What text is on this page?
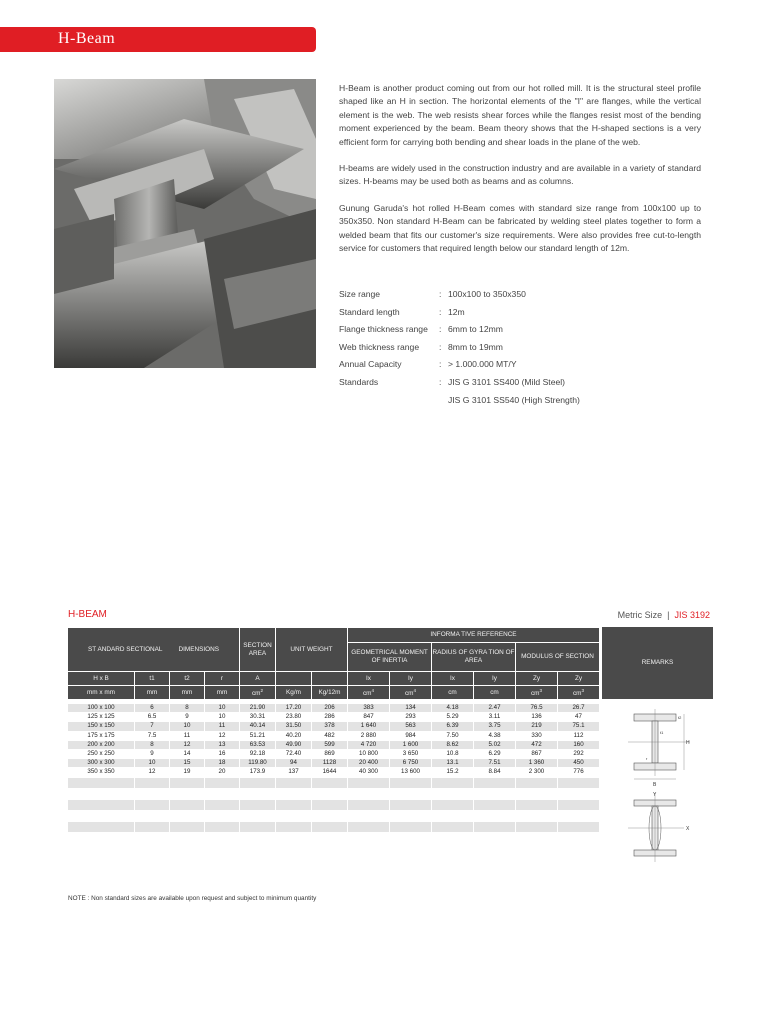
H-Beam

H-Beam is another product coming out from our hot rolled mill. It is the structural steel profile shaped like an H in section. The horizontal elements of the "I" are flanges, while the vertical element is the web. The web resists shear forces while the flanges resist most of the bending moment experienced by the beam. Beam theory shows that the H-shaped sections is a very efficient form for carrying both bending and shear loads in the plane of the web.

H-beams are widely used in the construction industry and are available in a variety of standard sizes. H-beams may be used both as beams and as columns.

Gunung Garuda's hot rolled H-Beam comes with standard size range from 100x100 up to 350x350. Non standard H-Beam can be fabricated by welding steel plates together to form a welded beam that fits our customer's size requirements. Were also provides free cut-to-length service for customers that required length below our standard length of 12m.

Size range	: 100x100 to 350x350
Standard length	: 12m
Flange thickness range	: 6mm to 12mm
Web thickness range	: 8mm to 19mm
Annual Capacity	: > 1.000.000 MT/Y
Standards	: JIS G 3101 SS400 (Mild Steel)
JIS G 3101 SS540 (High Strength)
H-BEAM	Metric Size | JIS 3192
ST ANDARD SECTIONAL DIMENSIONS				SECTION AREA	UNIT WEIGHT		INFORMA TIVE REFERENCE					
							GEOMETRICAL MOMENT OF INERTIA		RADIUS OF GYRA TION OF AREA		MODULUS OF SECTION	
H x B	t1	t2	r	A			Ix	Iy	Ix	Iy	Zy	Zy
mm x mm	mm	mm	mm	$cm^2$	Kg/m	Kg/12m	$cm^4$	$cm^4$	cm	cm	$cm^3$	$cm^3$

100 x 100	6	8	10	21.90	17.20	206	383	134	4.18	2.47	76.5	26.7
125 x 125	6.5	9	10	30.31	23.80	286	847	293	5.29	3.11	136	47
150 x 150	7	10	11	40.14	31.50	378	1 640	563	6.39	3.75	219	75.1
175 x 175	7.5	11	12	51.21	40.20	482	2 880	984	7.50	4.38	330	112
200 x 200	8	12	13	63.53	49.90	599	4 720	1 600	8.62	5.02	472	160
250 x 250	9	14	16	92.18	72.40	869	10 800	3 650	10.8	6.29	867	292
300 x 300	10	15	18	119.80	94	1128	20 400	6 750	13.1	7.51	1 360	450
350 x 350	12	19	20	173.9	137	1644	40 300	13 600	15.2	8.84	2 300	776

REMARKS
H
B
t1
t2
r
X
Y
NOTE : Non standard sizes are available upon request and subject to minimum quantity
